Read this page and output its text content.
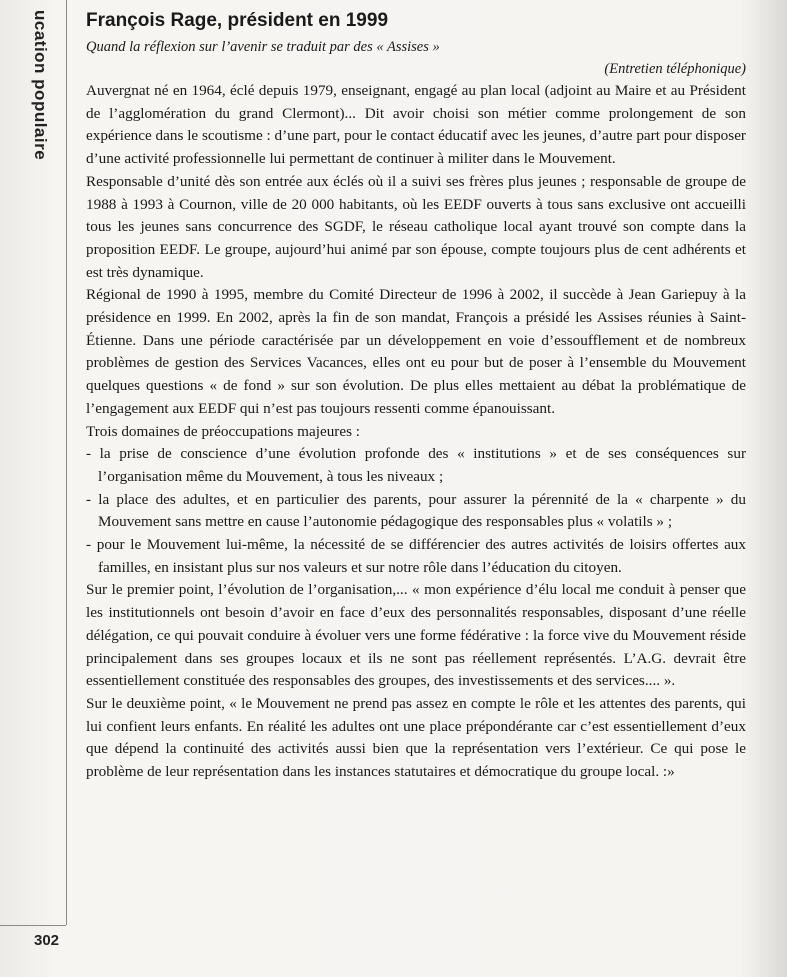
ucation populaire
302
François Rage, président en 1999

Quand la réflexion sur l’avenir se traduit par des « Assises »

(Entretien téléphonique)

Auvergnat né en 1964, éclé depuis 1979, enseignant, engagé au plan local (adjoint au Maire et au Président de l’agglomération du grand Clermont)... Dit avoir choisi son métier comme prolongement de son expérience dans le scoutisme : d’une part, pour le contact éducatif avec les jeunes, d’autre part pour disposer d’une activité professionnelle lui permettant de continuer à militer dans le Mouvement.

Responsable d’unité dès son entrée aux éclés où il a suivi ses frères plus jeunes ; responsable de groupe de 1988 à 1993 à Cournon, ville de 20 000 habitants, où les EEDF ouverts à tous sans exclusive ont accueilli tous les jeunes sans concurrence des SGDF, le réseau catholique local ayant trouvé son compte dans la proposition EEDF. Le groupe, aujourd’hui animé par son épouse, compte toujours plus de cent adhérents et est très dynamique.

Régional de 1990 à 1995, membre du Comité Directeur de 1996 à 2002, il succède à Jean Gariepuy à la présidence en 1999. En 2002, après la fin de son mandat, François a présidé les Assises réunies à Saint-Étienne. Dans une période caractérisée par un développement en voie d’essoufflement et de nombreux problèmes de gestion des Services Vacances, elles ont eu pour but de poser à l’ensemble du Mouvement quelques questions « de fond » sur son évolution. De plus elles mettaient au débat la problématique de l’engagement aux EEDF qui n’est pas toujours ressenti comme épanouissant.

Trois domaines de préoccupations majeures :

- la prise de conscience d’une évolution profonde des « institutions » et de ses conséquences sur l’organisation même du Mouvement, à tous les niveaux ;

- la place des adultes, et en particulier des parents, pour assurer la pérennité de la « charpente » du Mouvement sans mettre en cause l’autonomie pédagogique des responsables plus « volatils » ;

- pour le Mouvement lui-même, la nécessité de se différencier des autres activités de loisirs offertes aux familles, en insistant plus sur nos valeurs et sur notre rôle dans l’éducation du citoyen.

Sur le premier point, l’évolution de l’organisation,... « mon expérience d’élu local me conduit à penser que les institutionnels ont besoin d’avoir en face d’eux des personnalités responsables, disposant d’une réelle délégation, ce qui pouvait conduire à évoluer vers une forme fédérative : la force vive du Mouvement réside principalement dans ses groupes locaux et ils ne sont pas réellement représentés. L’A.G. devrait être essentiellement constituée des responsables des groupes, des investissements et des services.... ».

Sur le deuxième point, « le Mouvement ne prend pas assez en compte le rôle et les attentes des parents, qui lui confient leurs enfants. En réalité les adultes ont une place prépondérante car c’est essentiellement d’eux que dépend la continuité des activités aussi bien que la représentation vers l’extérieur. Ce qui pose le problème de leur représentation dans les instances statutaires et démocratique du groupe local. :»
